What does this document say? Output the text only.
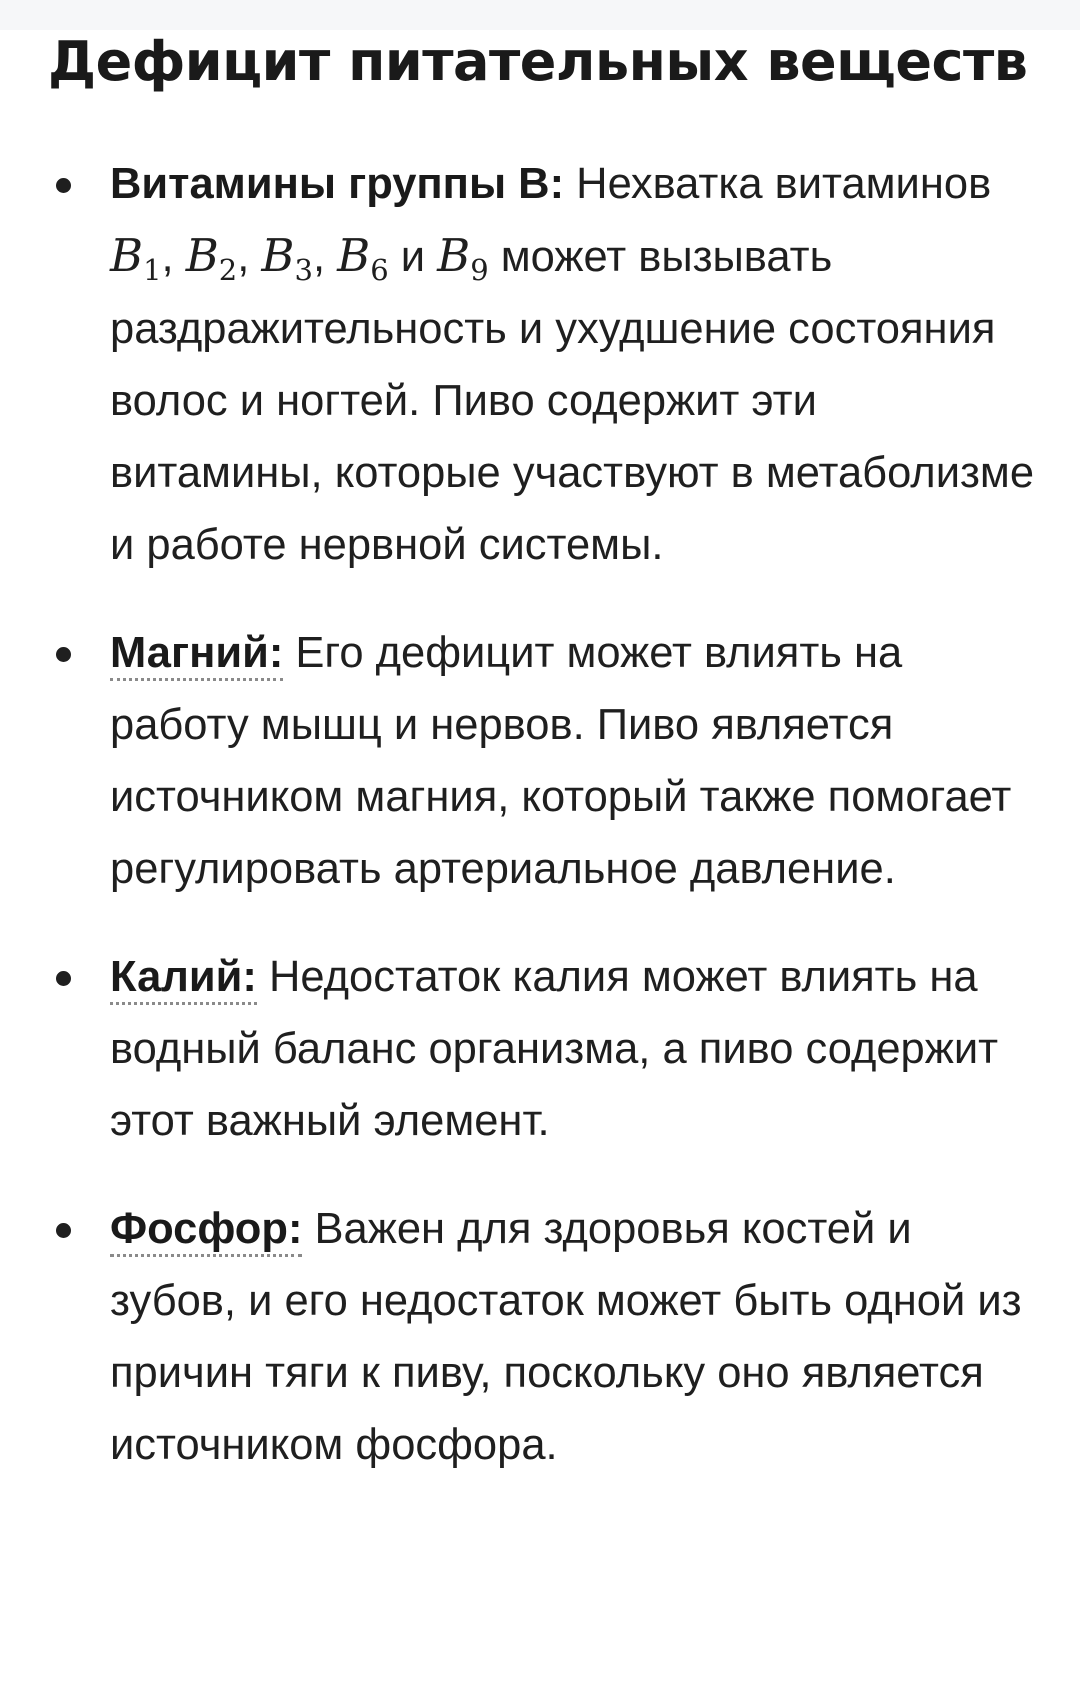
Дефицит питательных веществ
Витамины группы B: Нехватка витаминов $B_1$, $B_2$, $B_3$, $B_6$ и $B_9$ может вызывать раздражительность и ухудшение состояния волос и ногтей. Пиво содержит эти витамины, которые участвуют в метаболизме и работе нервной системы.
Магний: Его дефицит может влиять на работу мышц и нервов. Пиво является источником магния, который также помогает регулировать артериальное давление.
Калий: Недостаток калия может влиять на водный баланс организма, а пиво содержит этот важный элемент.
Фосфор: Важен для здоровья костей и зубов, и его недостаток может быть одной из причин тяги к пиву, поскольку оно является источником фосфора.
